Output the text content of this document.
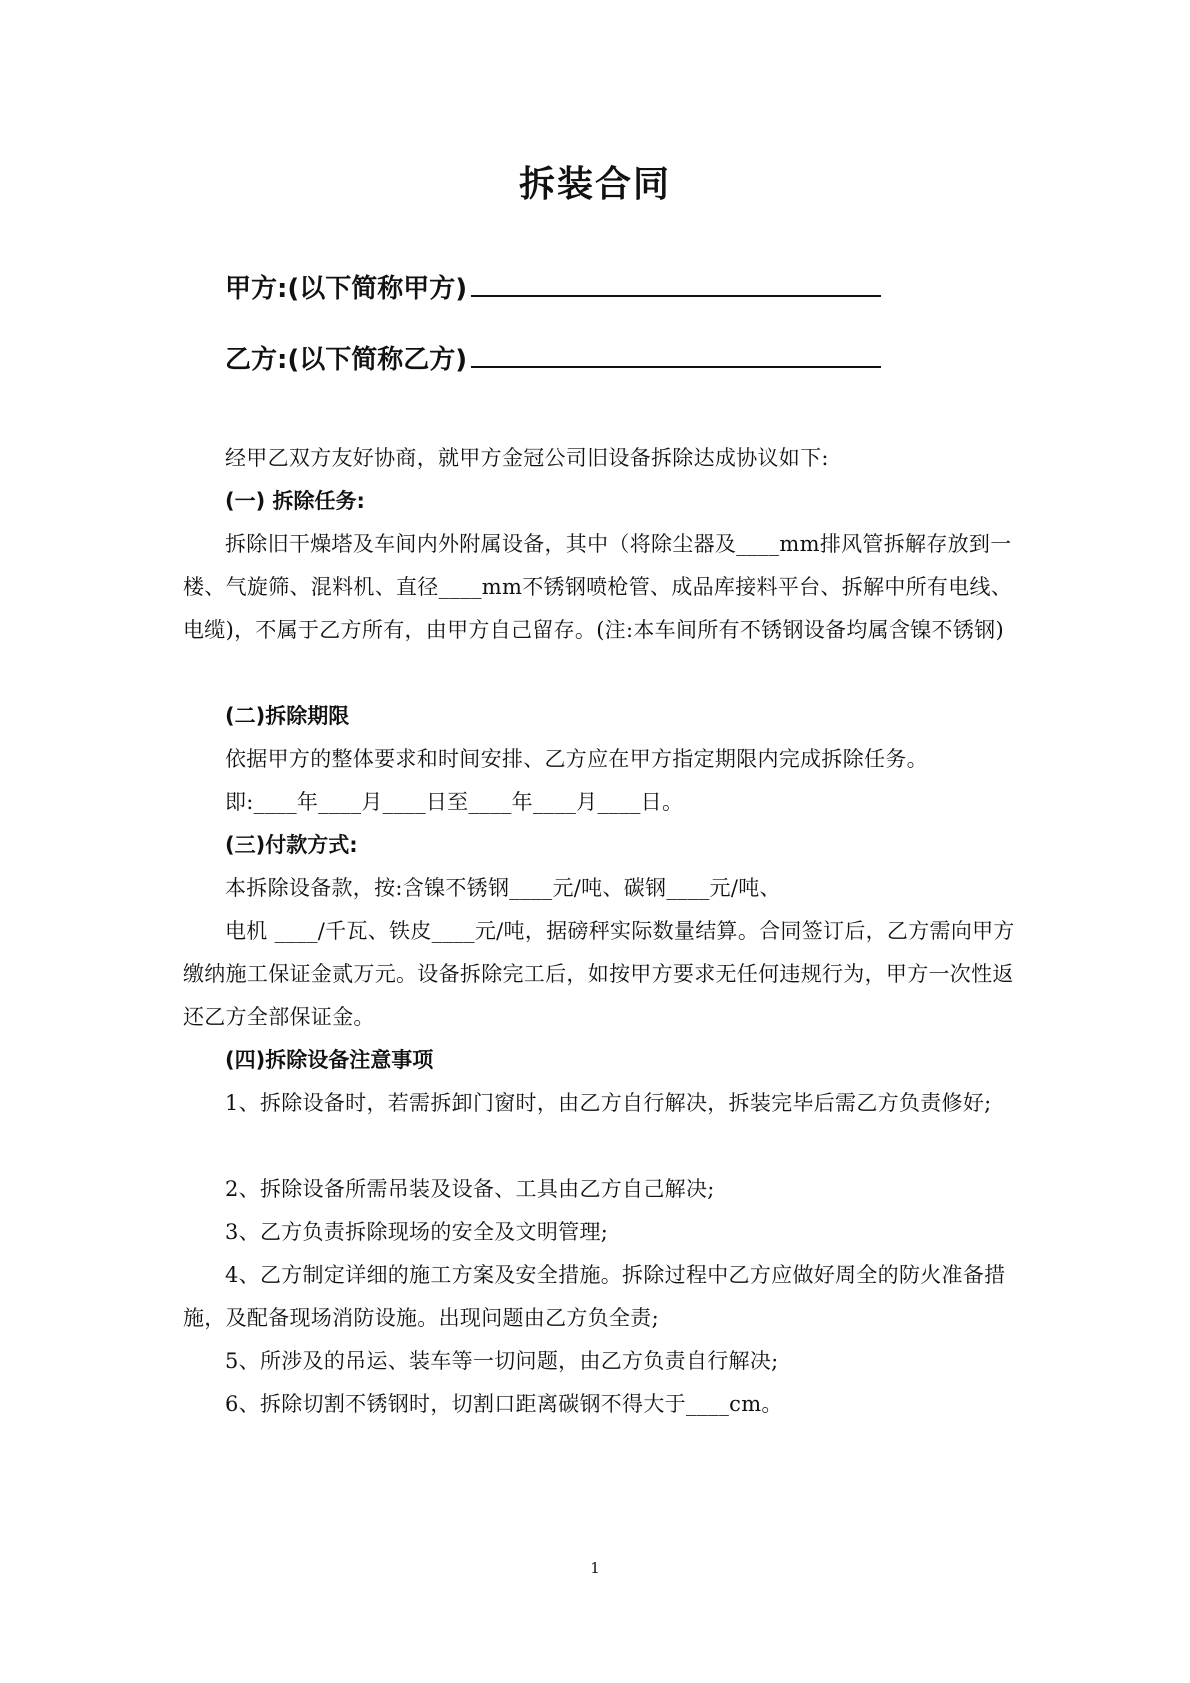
拆装合同
甲方:(以下简称甲方)
乙方:(以下简称乙方)
经甲乙双方友好协商，就甲方金冠公司旧设备拆除达成协议如下:
(一) 拆除任务:
拆除旧干燥塔及车间内外附属设备，其中（将除尘器及____mm排风管拆解存放到一楼、气旋筛、混料机、直径____mm不锈钢喷枪管、成品库接料平台、拆解中所有电线、电缆)，不属于乙方所有，由甲方自己留存。(注:本车间所有不锈钢设备均属含镍不锈钢)
(二)拆除期限
依据甲方的整体要求和时间安排、乙方应在甲方指定期限内完成拆除任务。
即:____年____月____日至____年____月____日。
(三)付款方式:
本拆除设备款，按:含镍不锈钢____元/吨、碳钢____元/吨、
电机 ____/千瓦、铁皮____元/吨，据磅秤实际数量结算。合同签订后，乙方需向甲方缴纳施工保证金贰万元。设备拆除完工后，如按甲方要求无任何违规行为，甲方一次性返还乙方全部保证金。
(四)拆除设备注意事项
1、拆除设备时，若需拆卸门窗时，由乙方自行解决，拆装完毕后需乙方负责修好;
2、拆除设备所需吊装及设备、工具由乙方自己解决;
3、乙方负责拆除现场的安全及文明管理;
4、乙方制定详细的施工方案及安全措施。拆除过程中乙方应做好周全的防火准备措施，及配备现场消防设施。出现问题由乙方负全责;
5、所涉及的吊运、装车等一切问题，由乙方负责自行解决;
6、拆除切割不锈钢时，切割口距离碳钢不得大于____cm。
1
